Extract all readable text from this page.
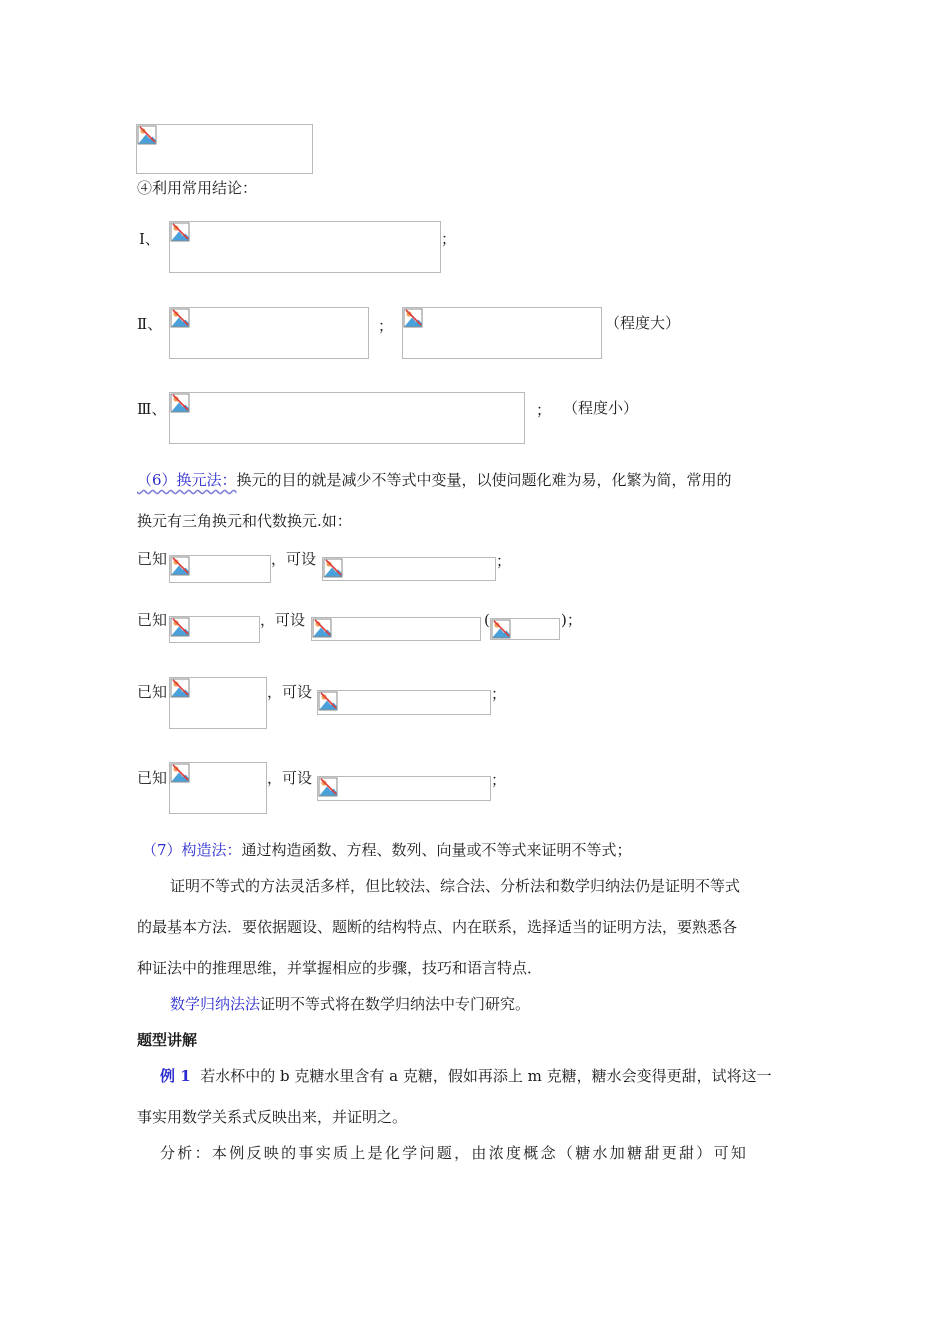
④利用常用结论：
Ⅰ、	；
Ⅱ、	；	（程度大）
Ⅲ、	； （程度小）
（6）换元法：换元的目的就是减少不等式中变量，以使问题化难为易，化繁为简，常用的
换元有三角换元和代数换元.如：
已知	，可设	；
已知	，可设	(	)；
已知	，可设	；
已知	，可设	；
（7）构造法：通过构造函数、方程、数列、向量或不等式来证明不等式；
证明不等式的方法灵活多样，但比较法、综合法、分析法和数学归纳法仍是证明不等式
的最基本方法．要依据题设、题断的结构特点、内在联系，选择适当的证明方法，要熟悉各
种证法中的推理思维，并掌握相应的步骤，技巧和语言特点．
数学归纳法法证明不等式将在数学归纳法中专门研究。
题型讲解
例 1 若水杯中的 b 克糖水里含有 a 克糖，假如再添上 m 克糖，糖水会变得更甜，试将这一
事实用数学关系式反映出来，并证明之。
分析：本例反映的事实质上是化学问题，由浓度概念（糖水加糖甜更甜）可知
